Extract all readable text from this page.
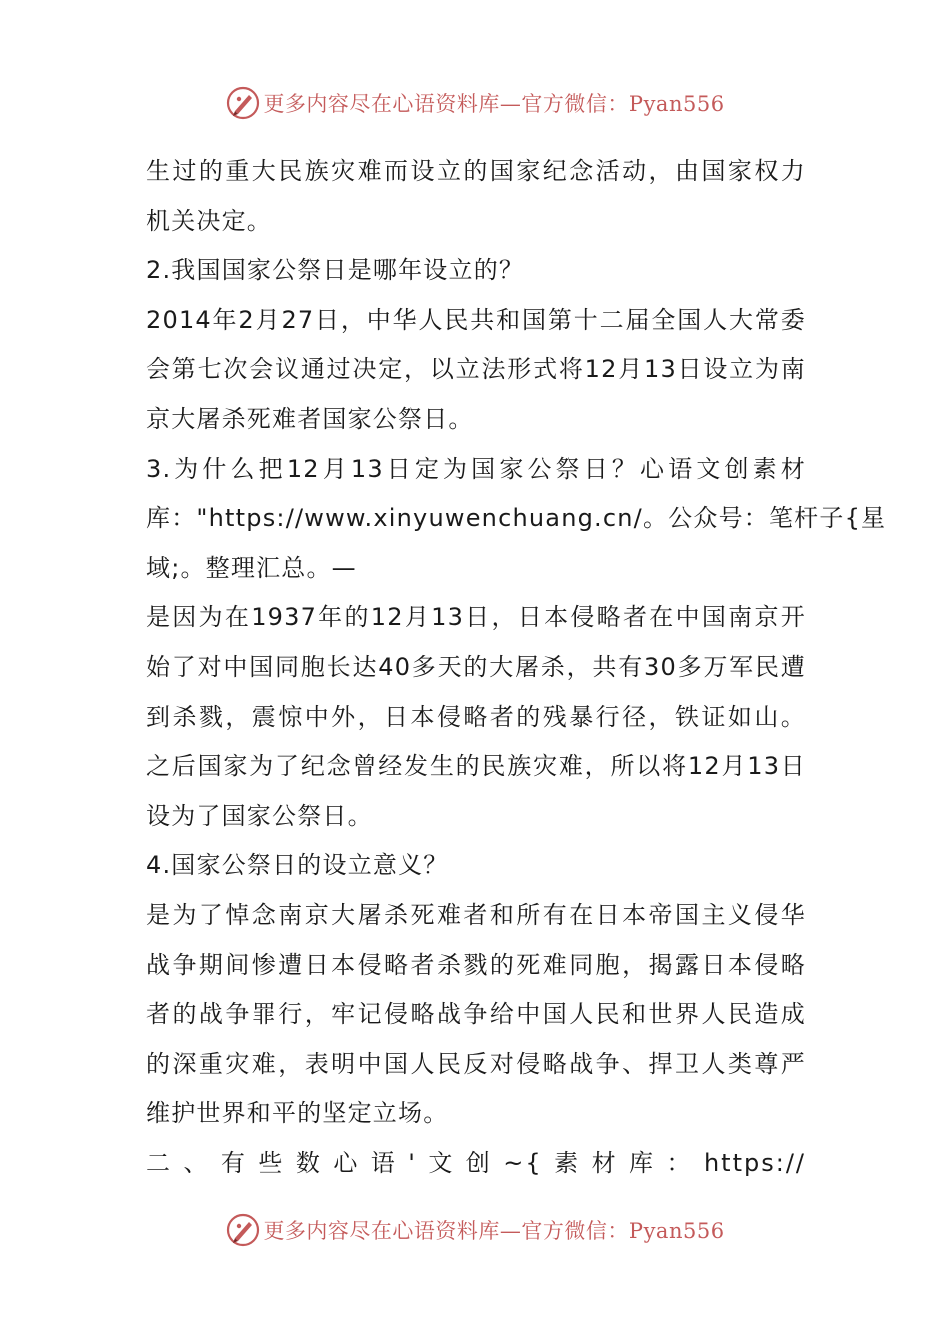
更多内容尽在心语资料库—官方微信：Pyan556
生过的重大民族灾难而设立的国家纪念活动，由国家权力
机关决定。
2.我国国家公祭日是哪年设立的？
2014年2月27日，中华人民共和国第十二届全国人大常委
会第七次会议通过决定，以立法形式将12月13日设立为南
京大屠杀死难者国家公祭日。
3.为什么把12月13日定为国家公祭日？心语文创素材
库："https://www.xinyuwenchuang.cn/。公众号：笔杆子{星
域;。整理汇总。—
是因为在1937年的12月13日，日本侵略者在中国南京开
始了对中国同胞长达40多天的大屠杀，共有30多万军民遭
到杀戮，震惊中外，日本侵略者的残暴行径，铁证如山。
之后国家为了纪念曾经发生的民族灾难，所以将12月13日
设为了国家公祭日。
4.国家公祭日的设立意义？
是为了悼念南京大屠杀死难者和所有在日本帝国主义侵华
战争期间惨遭日本侵略者杀戮的死难同胞，揭露日本侵略
者的战争罪行，牢记侵略战争给中国人民和世界人民造成
的深重灾难，表明中国人民反对侵略战争、捍卫人类尊严
维护世界和平的坚定立场。
二、有些数心语'文创~{素材库：https://
更多内容尽在心语资料库—官方微信：Pyan556
